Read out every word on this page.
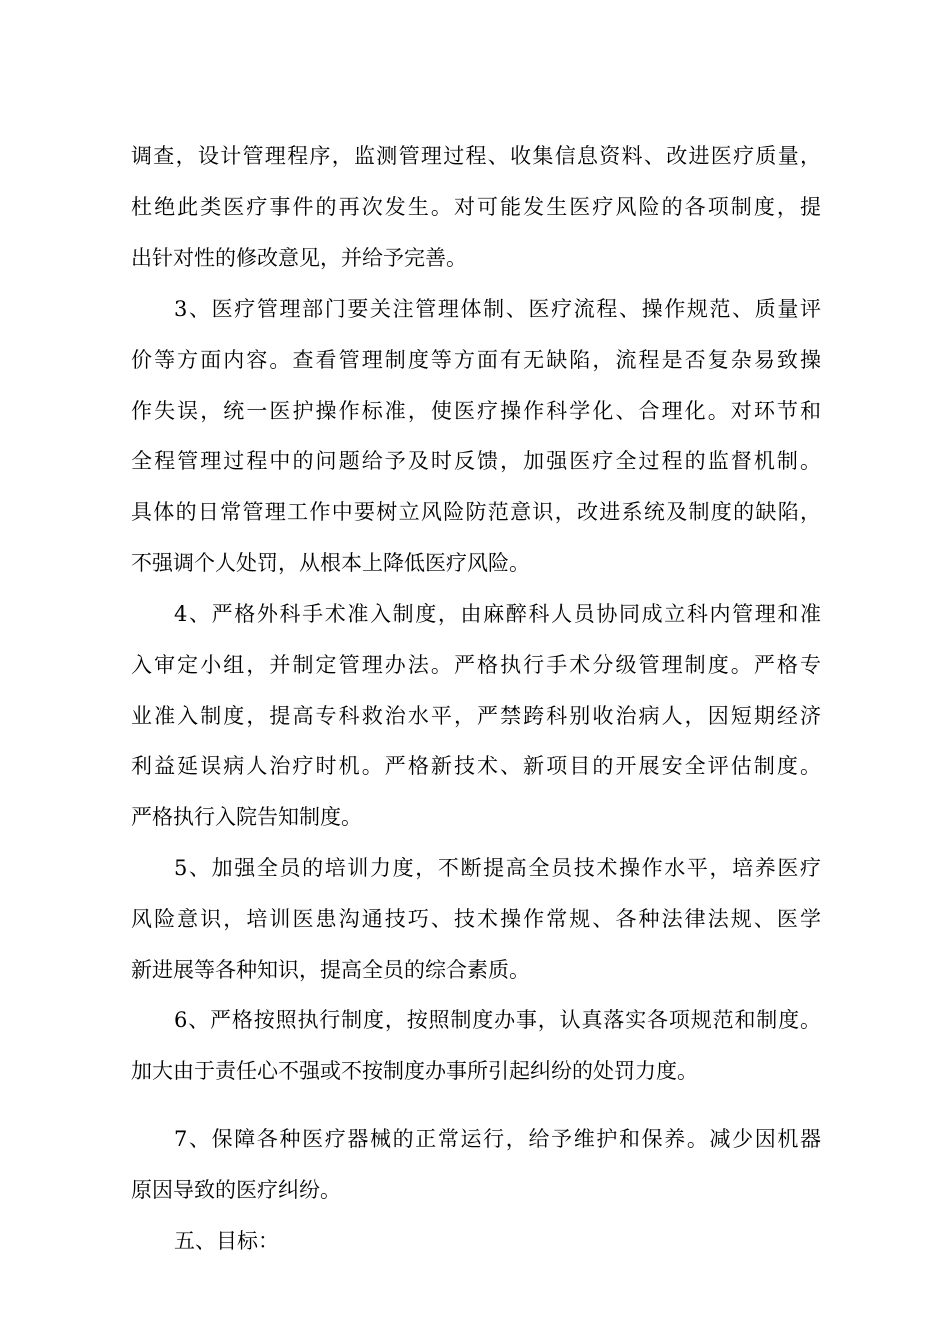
调查，设计管理程序，监测管理过程、收集信息资料、改进医疗质量，
杜绝此类医疗事件的再次发生。对可能发生医疗风险的各项制度，提
出针对性的修改意见，并给予完善。
3、医疗管理部门要关注管理体制、医疗流程、操作规范、质量评
价等方面内容。查看管理制度等方面有无缺陷，流程是否复杂易致操
作失误，统一医护操作标准，使医疗操作科学化、合理化。对环节和
全程管理过程中的问题给予及时反馈，加强医疗全过程的监督机制。
具体的日常管理工作中要树立风险防范意识，改进系统及制度的缺陷，
不强调个人处罚，从根本上降低医疗风险。
4、严格外科手术准入制度，由麻醉科人员协同成立科内管理和准
入审定小组，并制定管理办法。严格执行手术分级管理制度。严格专
业准入制度，提高专科救治水平，严禁跨科别收治病人，因短期经济
利益延误病人治疗时机。严格新技术、新项目的开展安全评估制度。
严格执行入院告知制度。
5、加强全员的培训力度，不断提高全员技术操作水平，培养医疗
风险意识，培训医患沟通技巧、技术操作常规、各种法律法规、医学
新进展等各种知识，提高全员的综合素质。
6、严格按照执行制度，按照制度办事，认真落实各项规范和制度。
加大由于责任心不强或不按制度办事所引起纠纷的处罚力度。
7、保障各种医疗器械的正常运行，给予维护和保养。减少因机器
原因导致的医疗纠纷。
五、目标：
